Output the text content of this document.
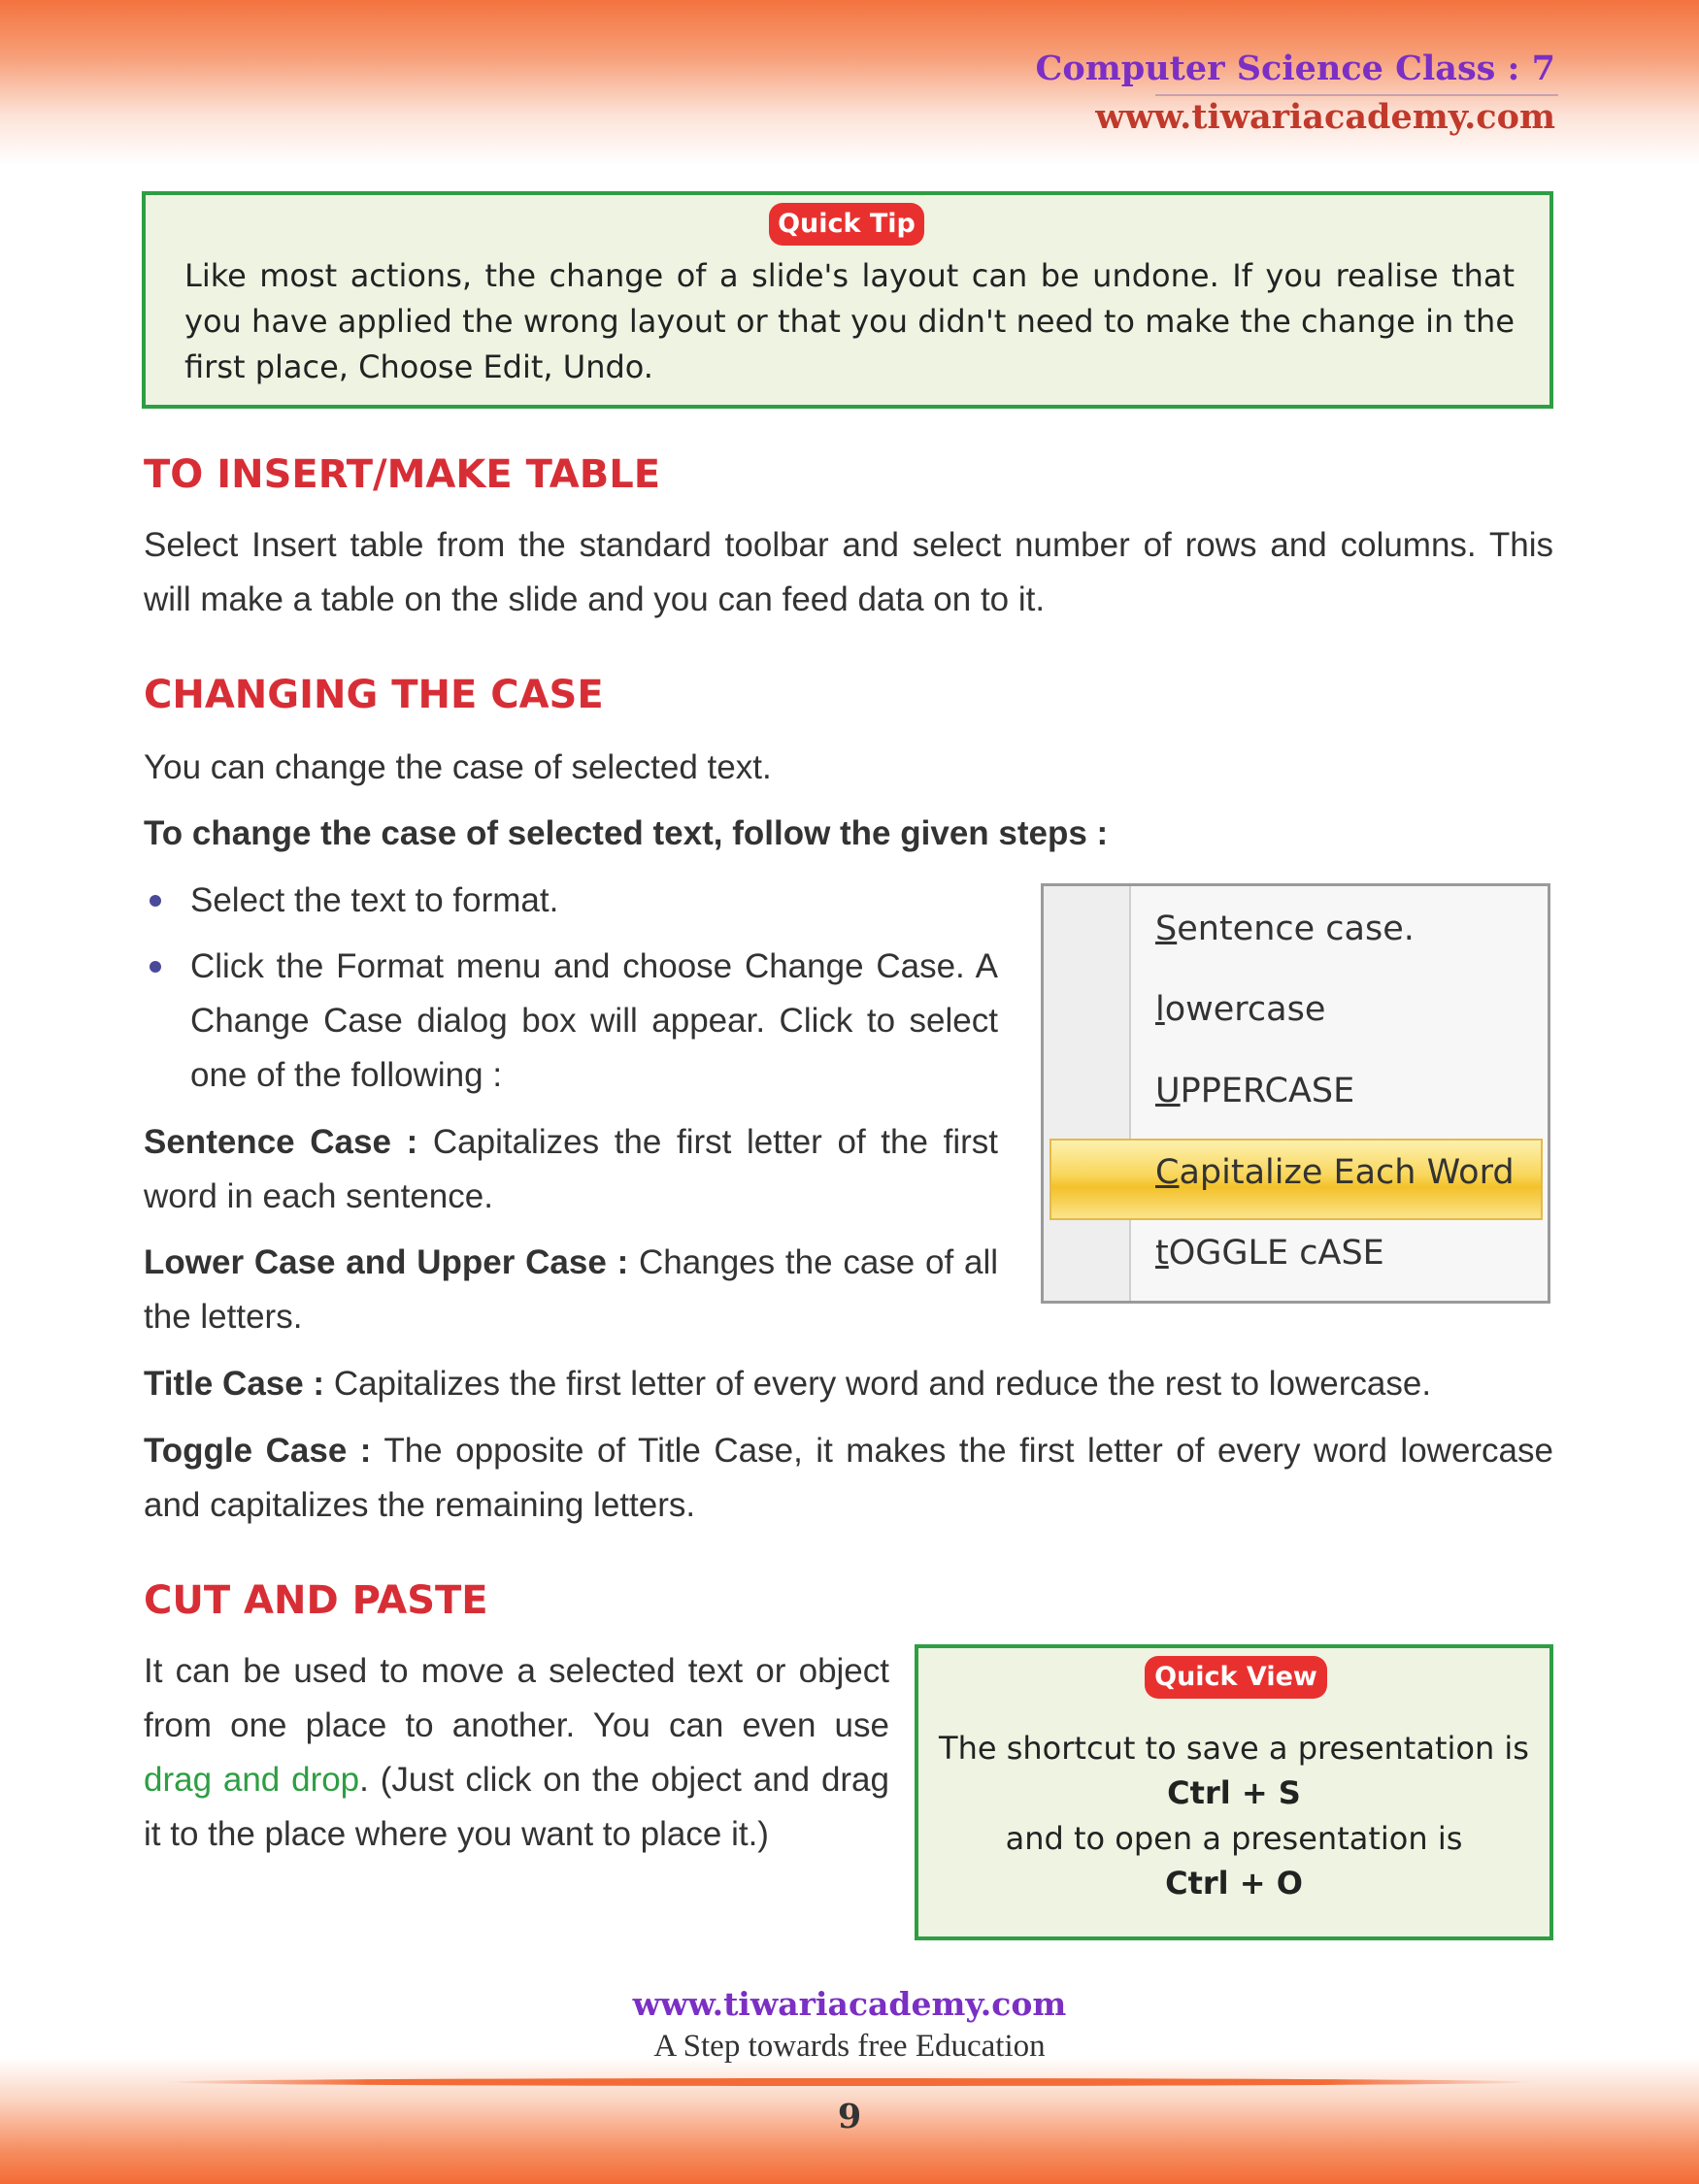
Computer Science Class : 7
www.tiwariacademy.com
Quick Tip
Like most actions, the change of a slide's layout can be undone. If you realise that you have applied the wrong layout or that you didn't need to make the change in the first place, Choose Edit, Undo.
TO INSERT/MAKE TABLE
Select Insert table from the standard toolbar and select number of rows and columns. This will make a table on the slide and you can feed data on to it.
CHANGING THE CASE
You can change the case of selected text.
To change the case of selected text, follow the given steps :
Select the text to format.
Click the Format menu and choose Change Case. A Change Case dialog box will appear. Click to select one of the following :
Sentence Case : Capitalizes the first letter of the first word in each sentence.
Lower Case and Upper Case : Changes the case of all the letters.
Title Case : Capitalizes the first letter of every word and reduce the rest to lowercase.
Toggle Case : The opposite of Title Case, it makes the first letter of every word lowercase and capitalizes the remaining letters.
Sentence case.
lowercase
UPPERCASE
Capitalize Each Word
tOGGLE cASE
CUT AND PASTE
It can be used to move a selected text or object from one place to another. You can even use drag and drop. (Just click on the object and drag it to the place where you want to place it.)
Quick View
The shortcut to save a presentation is
Ctrl + S
and to open a presentation is
Ctrl + O
www.tiwariacademy.com
A Step towards free Education
9
